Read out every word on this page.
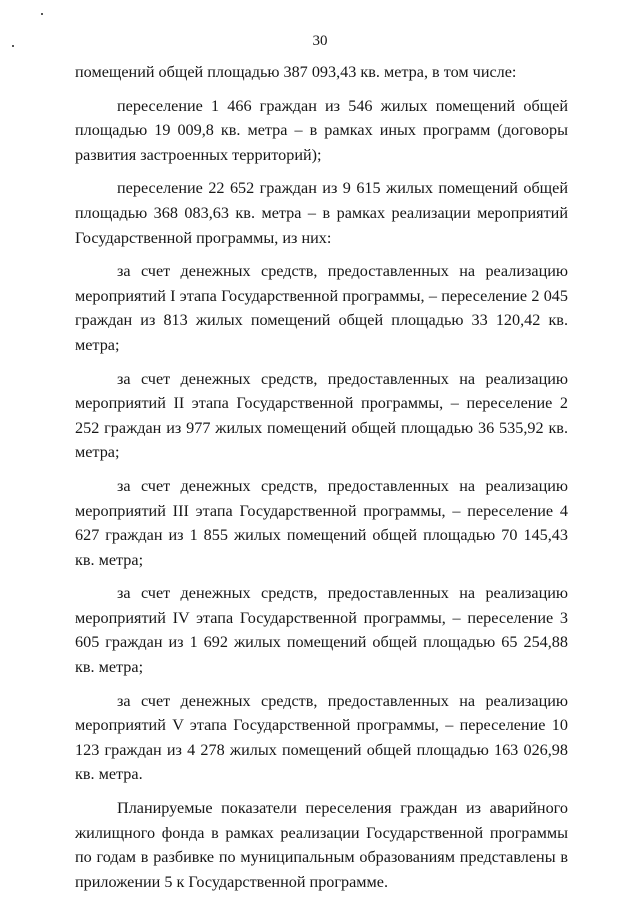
30

помещений общей площадью 387 093,43 кв. метра, в том числе:

переселение 1 466 граждан из 546 жилых помещений общей площадью 19 009,8 кв. метра – в рамках иных программ (договоры развития застроенных территорий);

переселение 22 652 граждан из 9 615 жилых помещений общей площадью 368 083,63 кв. метра – в рамках реализации мероприятий Государственной программы, из них:

за счет денежных средств, предоставленных на реализацию мероприятий I этапа Государственной программы, – переселение 2 045 граждан из 813 жилых помещений общей площадью 33 120,42 кв. метра;

за счет денежных средств, предоставленных на реализацию мероприятий II этапа Государственной программы, – переселение 2 252 граждан из 977 жилых помещений общей площадью 36 535,92 кв. метра;

за счет денежных средств, предоставленных на реализацию мероприятий III этапа Государственной программы, – переселение 4 627 граждан из 1 855 жилых помещений общей площадью 70 145,43 кв. метра;

за счет денежных средств, предоставленных на реализацию мероприятий IV этапа Государственной программы, – переселение 3 605 граждан из 1 692 жилых помещений общей площадью 65 254,88 кв. метра;

за счет денежных средств, предоставленных на реализацию мероприятий V этапа Государственной программы, – переселение 10 123 граждан из 4 278 жилых помещений общей площадью 163 026,98 кв. метра.

Планируемые показатели переселения граждан из аварийного жилищного фонда в рамках реализации Государственной программы по годам в разбивке по муниципальным образованиям представлены в приложении 5 к Государственной программе.
